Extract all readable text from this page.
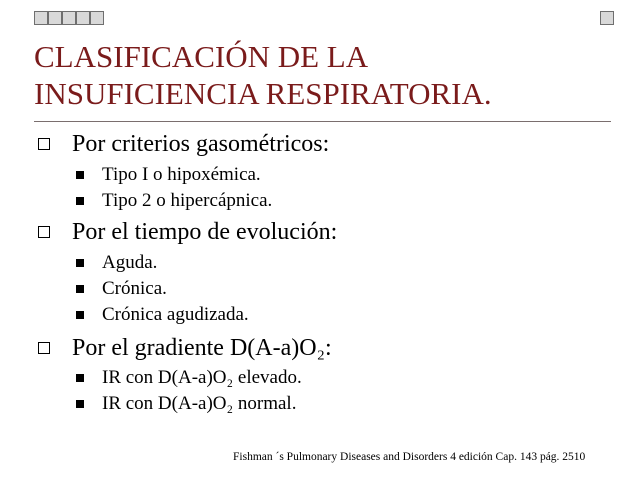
CLASIFICACIÓN DE LA
INSUFICIENCIA RESPIRATORIA.
Por criterios gasométricos:
Tipo I o hipoxémica.
Tipo 2 o hipercápnica.
Por el tiempo de evolución:
Aguda.
Crónica.
Crónica agudizada.
Por el gradiente D(A-a)O₂:
IR con D(A-a)O₂ elevado.
IR con D(A-a)O₂ normal.
Fishman ´s Pulmonary Diseases and Disorders 4 edición Cap. 143 pág. 2510
